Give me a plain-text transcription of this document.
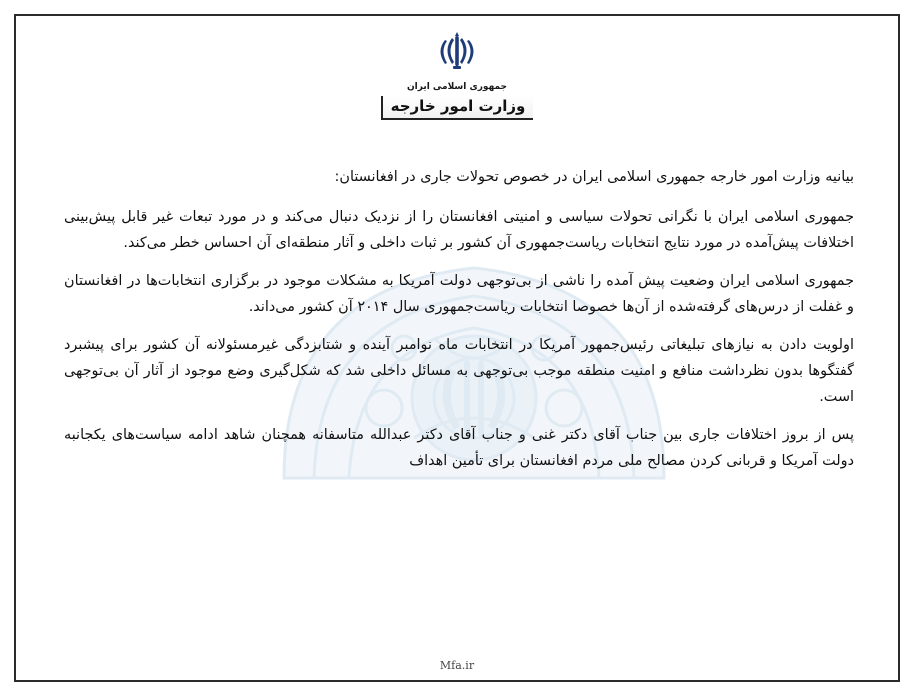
جمهوری اسلامی ایران
وزارت امور خارجه

بیانیه وزارت امور خارجه جمهوری اسلامی ایران در خصوص تحولات جاری در افغانستان:

جمهوری اسلامی ایران با نگرانی تحولات سیاسی و امنیتی افغانستان را از نزدیک دنبال می‌کند و در مورد تبعات غیر قابل پیش‌بینی اختلافات پیش‌آمده در مورد نتایج انتخابات ریاست‌جمهوری آن کشور بر ثبات داخلی و آثار منطقه‌ای آن احساس خطر می‌کند.

جمهوری اسلامی ایران وضعیت پیش آمده را ناشی از بی‌توجهی دولت آمریکا به مشکلات موجود در برگزاری انتخابات‌ها در افغانستان و غفلت از درس‌های گرفته‌شده از آن‌ها خصوصا انتخابات ریاست‌جمهوری سال ۲۰۱۴ آن کشور می‌داند.

اولویت دادن به نیازهای تبلیغاتی رئیس‌جمهور آمریکا در انتخابات ماه نوامبر آینده و شتابزدگی غیرمسئولانه آن کشور برای پیشبرد گفتگوها بدون نظرداشت منافع و امنیت منطقه موجب بی‌توجهی به مسائل داخلی شد که شکل‌گیری وضع موجود از آثار آن بی‌توجهی است.

پس از بروز اختلافات جاری بین جناب آقای دکتر غنی و جناب آقای دکتر عبدالله متاسفانه همچنان شاهد ادامه سیاست‌های یکجانبه دولت آمریکا و قربانی کردن مصالح ملی مردم افغانستان برای تأمین اهداف

Mfa.ir
